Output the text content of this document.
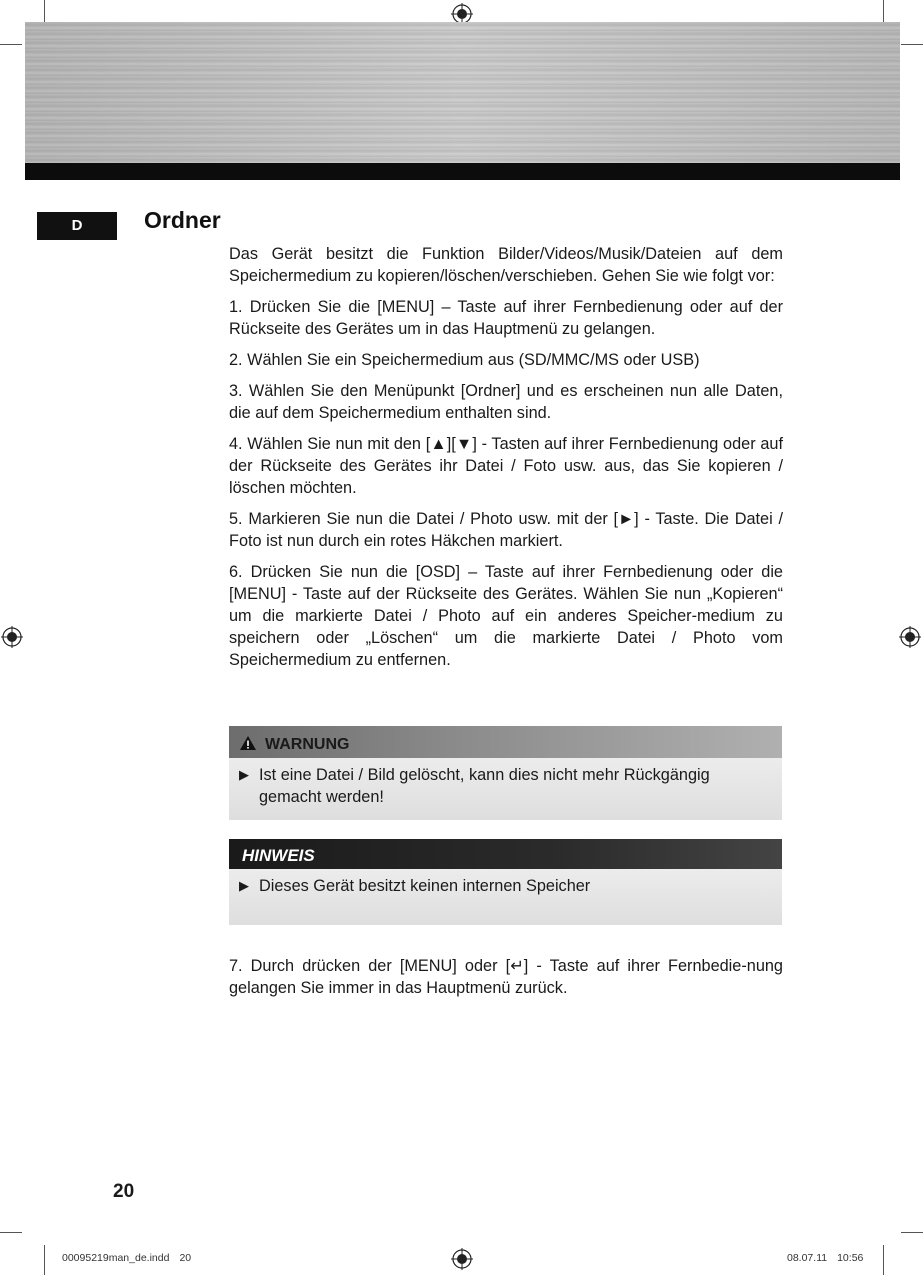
D	Ordner

Das Gerät besitzt die Funktion Bilder/Videos/Musik/Dateien auf dem Speichermedium zu kopieren/löschen/verschieben. Gehen Sie wie folgt vor:

1. Drücken Sie die [MENU] – Taste auf ihrer Fernbedienung oder auf der Rückseite des Gerätes um in das Hauptmenü zu gelangen.

2. Wählen Sie ein Speichermedium aus (SD/MMC/MS oder USB)

3. Wählen Sie den Menüpunkt [Ordner] und es erscheinen nun alle Daten, die auf dem Speichermedium enthalten sind.

4. Wählen Sie nun mit den [▲][▼] - Tasten auf ihrer Fernbedienung oder auf der Rückseite des Gerätes ihr Datei / Foto usw. aus, das Sie kopieren / löschen möchten.

5. Markieren Sie nun die Datei / Photo usw. mit der [►] - Taste. Die Datei / Foto ist nun durch ein rotes Häkchen markiert.

6. Drücken Sie nun die [OSD] – Taste auf ihrer Fernbedienung oder die [MENU] - Taste auf der Rückseite des Gerätes. Wählen Sie nun „Kopieren“ um die markierte Datei / Photo auf ein anderes Speicher-medium zu speichern oder „Löschen“ um die markierte Datei / Photo vom Speichermedium zu entfernen.

WARNUNG
▶ Ist eine Datei / Bild gelöscht, kann dies nicht mehr Rückgängig gemacht werden!
HINWEIS
▶ Dieses Gerät besitzt keinen internen Speicher

7. Durch drücken der [MENU] oder [↵] - Taste auf ihrer Fernbedie-nung gelangen Sie immer in das Hauptmenü zurück.

20

00095219man_de.indd 20	08.07.11 10:56
